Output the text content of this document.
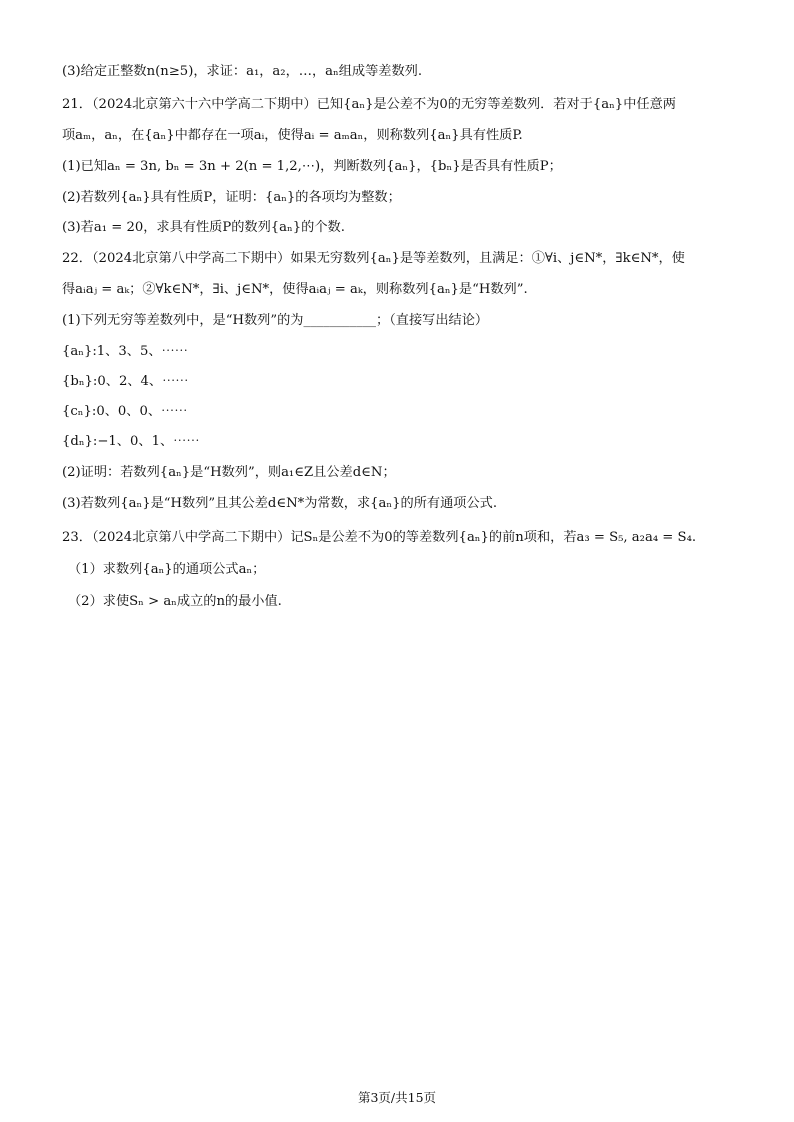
(3)给定正整数n(n≥5)，求证：a₁，a₂，…，aₙ组成等差数列.
21．（2024北京第六十六中学高二下期中）已知{aₙ}是公差不为0的无穷等差数列．若对于{aₙ}中任意两
项aₘ，aₙ，在{aₙ}中都存在一项aᵢ，使得aᵢ = aₘaₙ，则称数列{aₙ}具有性质P.
(1)已知aₙ = 3n, bₙ = 3n + 2(n = 1,2,⋯)，判断数列{aₙ}，{bₙ}是否具有性质P；
(2)若数列{aₙ}具有性质P，证明：{aₙ}的各项均为整数；
(3)若a₁ = 20，求具有性质P的数列{aₙ}的个数.
22．（2024北京第八中学高二下期中）如果无穷数列{aₙ}是等差数列，且满足：①∀i、j∈N*，∃k∈N*，使
得aᵢaⱼ = aₖ；②∀k∈N*，∃i、j∈N*，使得aᵢaⱼ = aₖ，则称数列{aₙ}是“H数列”.
(1)下列无穷等差数列中，是“H数列”的为___________；（直接写出结论）
{aₙ}:1、3、5、⋯⋯
{bₙ}:0、2、4、⋯⋯
{cₙ}:0、0、0、⋯⋯
{dₙ}:−1、0、1、⋯⋯
(2)证明：若数列{aₙ}是“H数列”，则a₁∈Z且公差d∈N；
(3)若数列{aₙ}是“H数列”且其公差d∈N*为常数，求{aₙ}的所有通项公式.
23．（2024北京第八中学高二下期中）记Sₙ是公差不为0的等差数列{aₙ}的前n项和，若a₃ = S₅, a₂a₄ = S₄.
（1）求数列{aₙ}的通项公式aₙ；
（2）求使Sₙ > aₙ成立的n的最小值.
第3页/共15页
